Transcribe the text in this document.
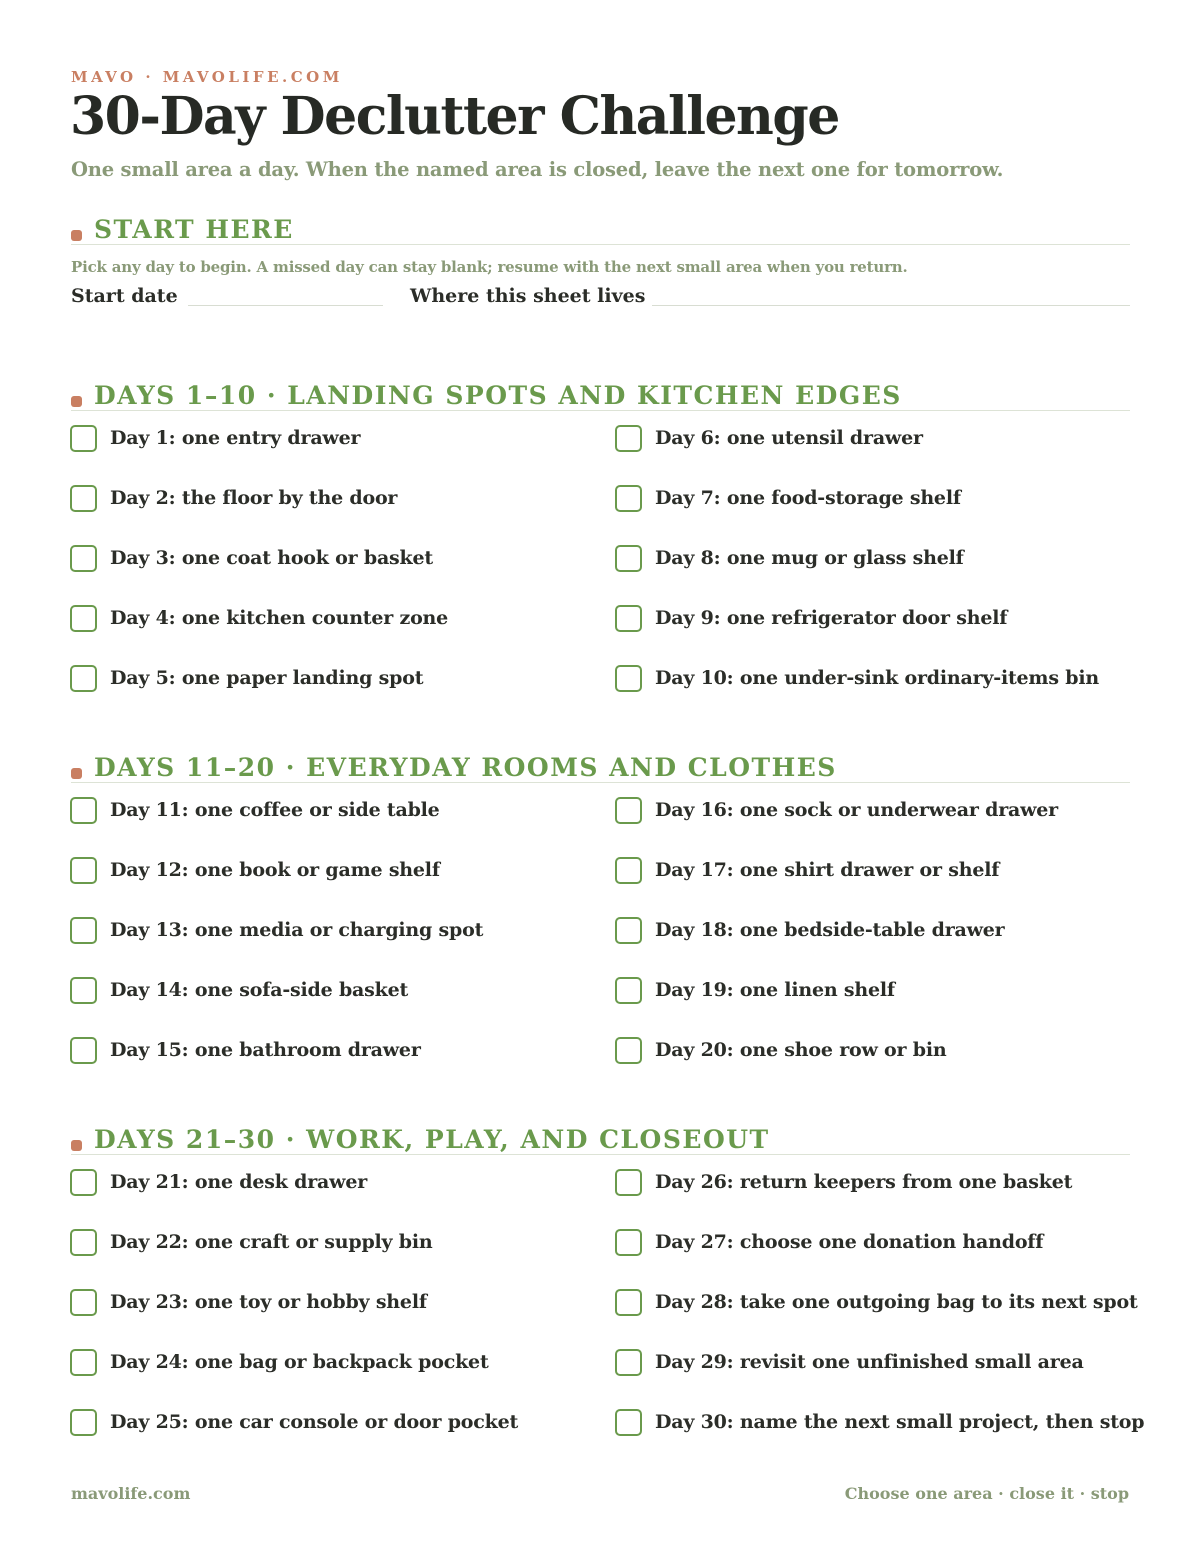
MAVO · MAVOLIFE.COM
30-Day Declutter Challenge
One small area a day. When the named area is closed, leave the next one for tomorrow.
START HERE
Pick any day to begin. A missed day can stay blank; resume with the next small area when you return.
Start date	Where this sheet lives
DAYS 1–10 · LANDING SPOTS AND KITCHEN EDGES
Day 1: one entry drawer
Day 2: the floor by the door
Day 3: one coat hook or basket
Day 4: one kitchen counter zone
Day 5: one paper landing spot
Day 6: one utensil drawer
Day 7: one food-storage shelf
Day 8: one mug or glass shelf
Day 9: one refrigerator door shelf
Day 10: one under-sink ordinary-items bin
DAYS 11–20 · EVERYDAY ROOMS AND CLOTHES
Day 11: one coffee or side table
Day 12: one book or game shelf
Day 13: one media or charging spot
Day 14: one sofa-side basket
Day 15: one bathroom drawer
Day 16: one sock or underwear drawer
Day 17: one shirt drawer or shelf
Day 18: one bedside-table drawer
Day 19: one linen shelf
Day 20: one shoe row or bin
DAYS 21–30 · WORK, PLAY, AND CLOSEOUT
Day 21: one desk drawer
Day 22: one craft or supply bin
Day 23: one toy or hobby shelf
Day 24: one bag or backpack pocket
Day 25: one car console or door pocket
Day 26: return keepers from one basket
Day 27: choose one donation handoff
Day 28: take one outgoing bag to its next spot
Day 29: revisit one unfinished small area
Day 30: name the next small project, then stop
mavolife.com	Choose one area · close it · stop
